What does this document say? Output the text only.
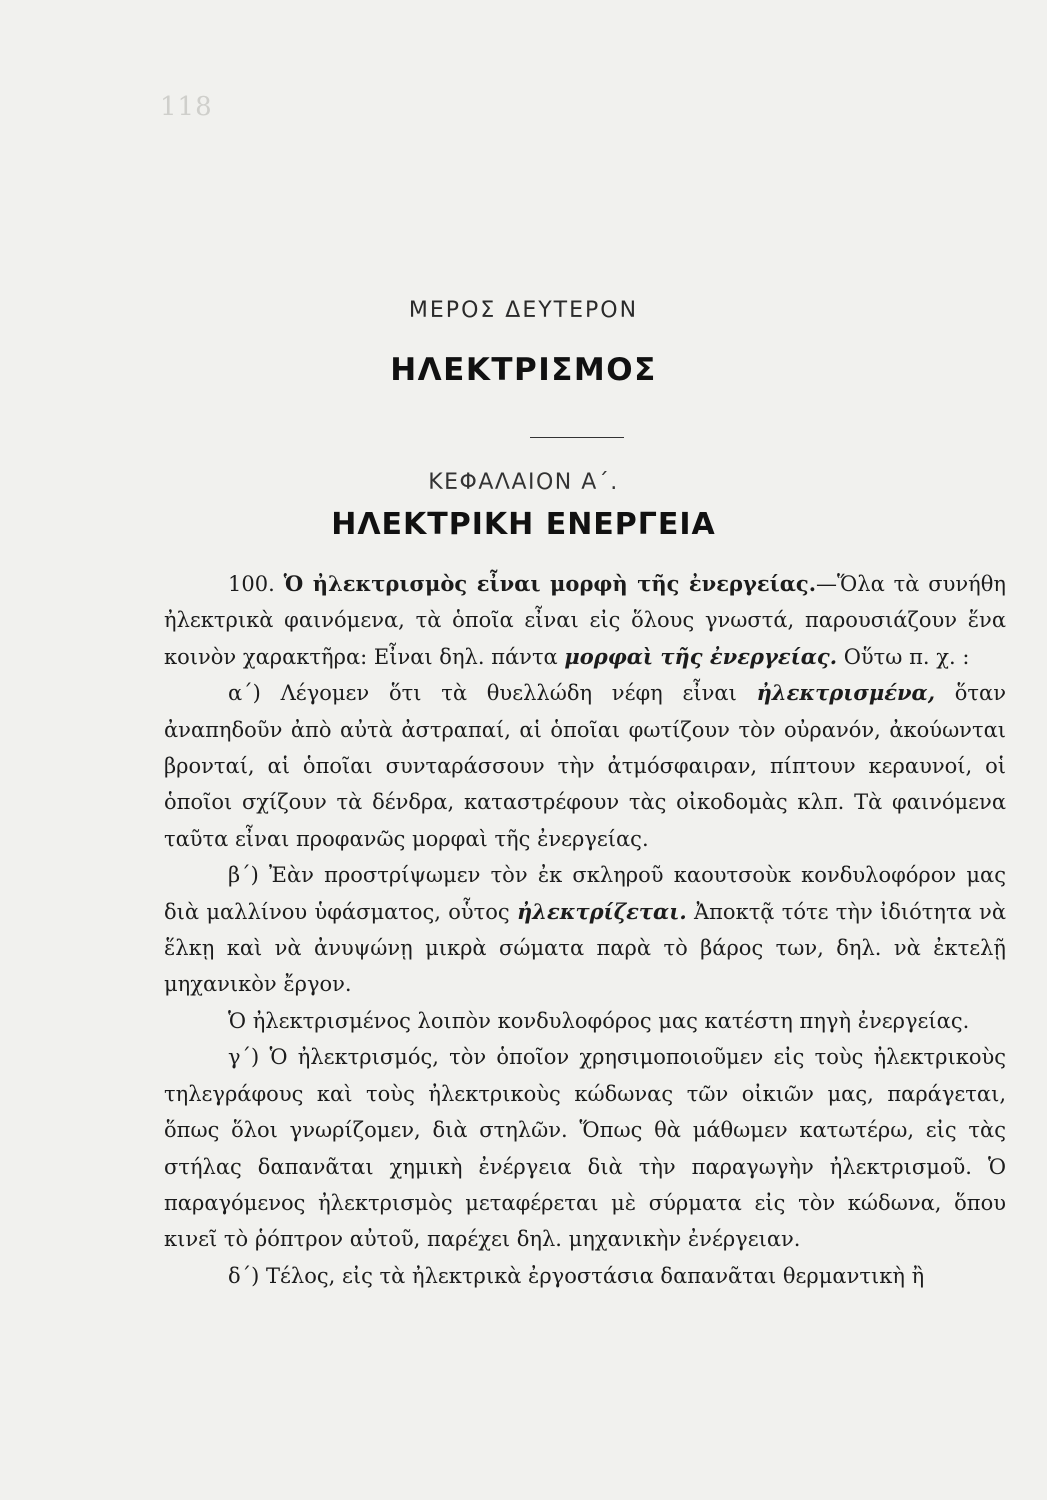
118
ΜΕΡΟΣ ΔΕΥΤΕΡΟΝ
ΗΛΕΚΤΡΙΣΜΟΣ
ΚΕΦΑΛΑΙΟΝ Α΄.
ΗΛΕΚΤΡΙΚΗ ΕΝΕΡΓΕΙΑ

100. Ὁ ἠλεκτρισμὸς εἶναι μορφὴ τῆς ἐνεργείας.—Ὅλα τὰ συνήθη ἠλεκτρικὰ φαινόμενα, τὰ ὁποῖα εἶναι εἰς ὅλους γνωστά, παρουσιάζουν ἕνα κοινὸν χαρακτῆρα: Εἶναι δηλ. πάντα μορφαὶ τῆς ἐνεργείας. Οὕτω π. χ. :

α΄) Λέγομεν ὅτι τὰ θυελλώδη νέφη εἶναι ἠλεκτρισμένα, ὅταν ἀναπηδοῦν ἀπὸ αὐτὰ ἀστραπαί, αἱ ὁποῖαι φωτίζουν τὸν οὐρανόν, ἀκούωνται βρονταί, αἱ ὁποῖαι συνταράσσουν τὴν ἀτμόσφαιραν, πίπτουν κεραυνοί, οἱ ὁποῖοι σχίζουν τὰ δένδρα, καταστρέφουν τὰς οἰκοδομὰς κλπ. Τὰ φαινόμενα ταῦτα εἶναι προφανῶς μορφαὶ τῆς ἐνεργείας.

β΄) Ἐὰν προστρίψωμεν τὸν ἐκ σκληροῦ καουτσοὺκ κονδυλοφόρον μας διὰ μαλλίνου ὑφάσματος, οὗτος ἠλεκτρίζεται. Ἀποκτᾷ τότε τὴν ἰδιότητα νὰ ἕλκῃ καὶ νὰ ἀνυψώνῃ μικρὰ σώματα παρὰ τὸ βάρος των, δηλ. νὰ ἐκτελῇ μηχανικὸν ἔργον.

Ὁ ἠλεκτρισμένος λοιπὸν κονδυλοφόρος μας κατέστη πηγὴ ἐνεργείας.

γ΄) Ὁ ἠλεκτρισμός, τὸν ὁποῖον χρησιμοποιοῦμεν εἰς τοὺς ἠλεκτρικοὺς τηλεγράφους καὶ τοὺς ἠλεκτρικοὺς κώδωνας τῶν οἰκιῶν μας, παράγεται, ὅπως ὅλοι γνωρίζομεν, διὰ στηλῶν. Ὅπως θὰ μάθωμεν κατωτέρω, εἰς τὰς στήλας δαπανᾶται χημικὴ ἐνέργεια διὰ τὴν παραγωγὴν ἠλεκτρισμοῦ. Ὁ παραγόμενος ἠλεκτρισμὸς μεταφέρεται μὲ σύρματα εἰς τὸν κώδωνα, ὅπου κινεῖ τὸ ῥόπτρον αὐτοῦ, παρέχει δηλ. μηχανικὴν ἐνέργειαν.

δ΄) Τέλος, εἰς τὰ ἠλεκτρικὰ ἐργοστάσια δαπανᾶται θερμαντικὴ ἢ
